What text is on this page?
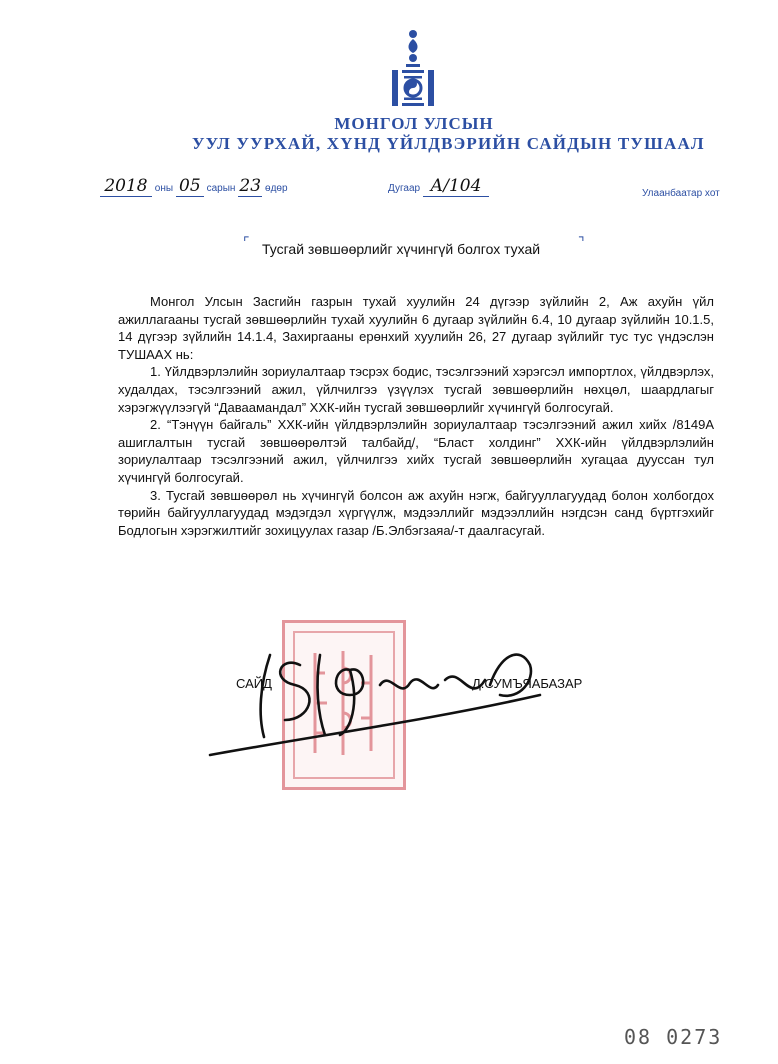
МОНГОЛ УЛСЫН
УУЛ УУРХАЙ, ХҮНД ҮЙЛДВЭРИЙН САЙДЫН ТУШААЛ
2018 оны 05 сарын 23 өдөр	Дугаар А/104	Улаанбаатар хот
⌜ Тусгай зөвшөөрлийг хүчингүй болгох тухай	⌝

Монгол Улсын Засгийн газрын тухай хуулийн 24 дүгээр зүйлийн 2, Аж ахуйн үйл ажиллагааны тусгай зөвшөөрлийн тухай хуулийн 6 дугаар зүйлийн 6.4, 10 дугаар зүйлийн 10.1.5, 14 дүгээр зүйлийн 14.1.4, Захиргааны ерөнхий хуулийн 26, 27 дугаар зүйлийг тус тус үндэслэн ТУШААХ нь:

1. Үйлдвэрлэлийн зориулалтаар тэсрэх бодис, тэсэлгээний хэрэгсэл импортлох, үйлдвэрлэх, худалдах, тэсэлгээний ажил, үйлчилгээ үзүүлэх тусгай зөвшөөрлийн нөхцөл, шаардлагыг хэрэгжүүлээгүй “Даваамандал” ХХК-ийн тусгай зөвшөөрлийг хүчингүй болгосугай.

2. “Тэнүүн байгаль” ХХК-ийн үйлдвэрлэлийн зориулалтаар тэсэлгээний ажил хийх /8149А ашиглалтын тусгай зөвшөөрөлтэй талбайд/, “Бласт холдинг” ХХК-ийн үйлдвэрлэлийн зориулалтаар тэсэлгээний ажил, үйлчилгээ хийх тусгай зөвшөөрлийн хугацаа дууссан тул хүчингүй болгосугай.

3. Тусгай зөвшөөрөл нь хүчингүй болсон аж ахуйн нэгж, байгууллагуудад болон холбогдох төрийн байгууллагуудад мэдэгдэл хүргүүлж, мэдээллийг мэдээллийн нэгдсэн санд бүртгэхийг Бодлогын хэрэгжилтийг зохицуулах газар /Б.Элбэгзаяа/-т даалгасугай.

САЙД	Д.СУМЪЯАБАЗАР
08 0273
